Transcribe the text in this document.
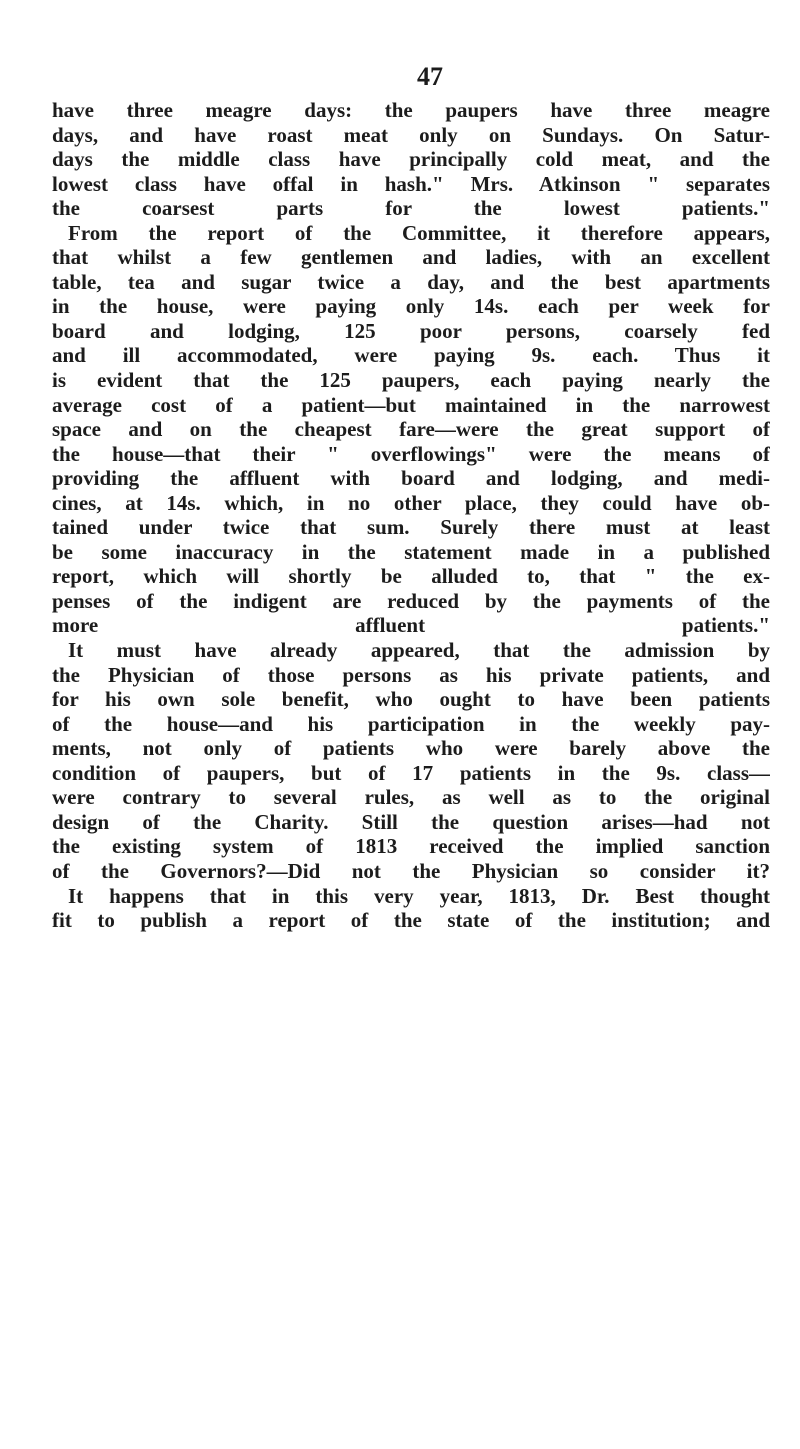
47
have three meagre days: the paupers have three meagre
days, and have roast meat only on Sundays. On Satur-
days the middle class have principally cold meat, and the
lowest class have offal in hash." Mrs. Atkinson " separates
the coarsest parts for the lowest patients."
From the report of the Committee, it therefore appears,
that whilst a few gentlemen and ladies, with an excellent
table, tea and sugar twice a day, and the best apartments
in the house, were paying only 14s. each per week for
board and lodging, 125 poor persons, coarsely fed
and ill accommodated, were paying 9s. each. Thus it
is evident that the 125 paupers, each paying nearly the
average cost of a patient—but maintained in the narrowest
space and on the cheapest fare—were the great support of
the house—that their " overflowings" were the means of
providing the affluent with board and lodging, and medi-
cines, at 14s. which, in no other place, they could have ob-
tained under twice that sum. Surely there must at least
be some inaccuracy in the statement made in a published
report, which will shortly be alluded to, that " the ex-
penses of the indigent are reduced by the payments of the
more affluent patients."
It must have already appeared, that the admission by
the Physician of those persons as his private patients, and
for his own sole benefit, who ought to have been patients
of the house—and his participation in the weekly pay-
ments, not only of patients who were barely above the
condition of paupers, but of 17 patients in the 9s. class—
were contrary to several rules, as well as to the original
design of the Charity. Still the question arises—had not
the existing system of 1813 received the implied sanction
of the Governors?—Did not the Physician so consider it?
It happens that in this very year, 1813, Dr. Best thought
fit to publish a report of the state of the institution; and
